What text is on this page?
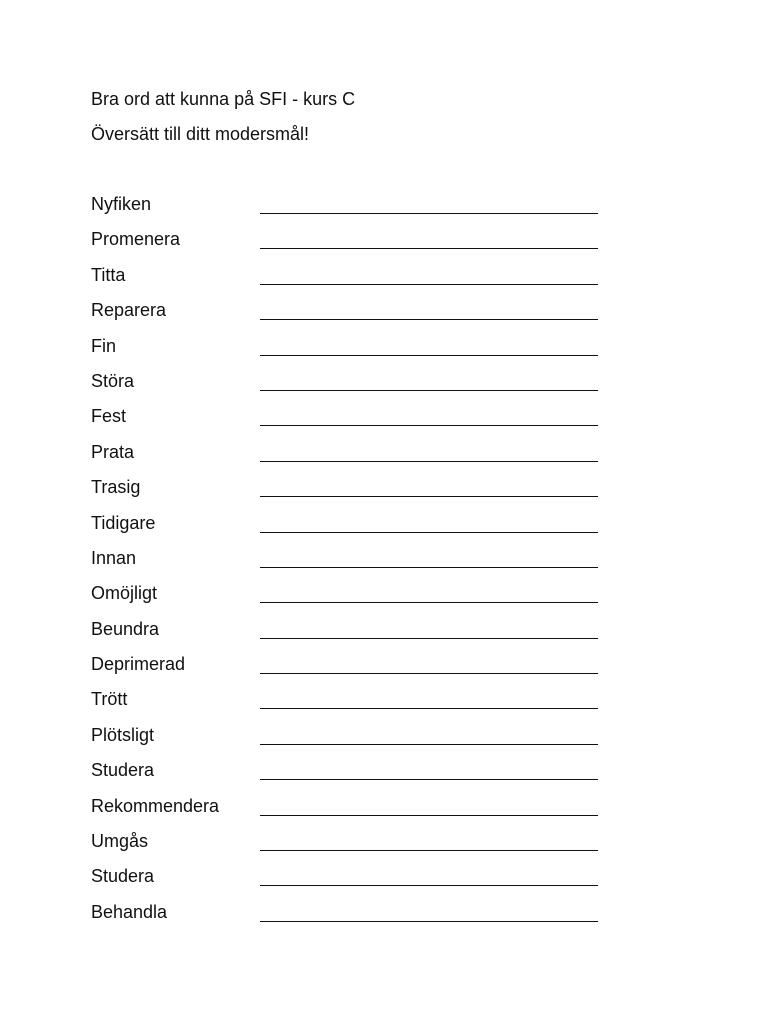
Bra ord att kunna på SFI - kurs C

Översätt till ditt modersmål!

Nyfiken
Promenera
Titta
Reparera
Fin
Störa
Fest
Prata
Trasig
Tidigare
Innan
Omöjligt
Beundra
Deprimerad
Trött
Plötsligt
Studera
Rekommendera
Umgås
Studera
Behandla
